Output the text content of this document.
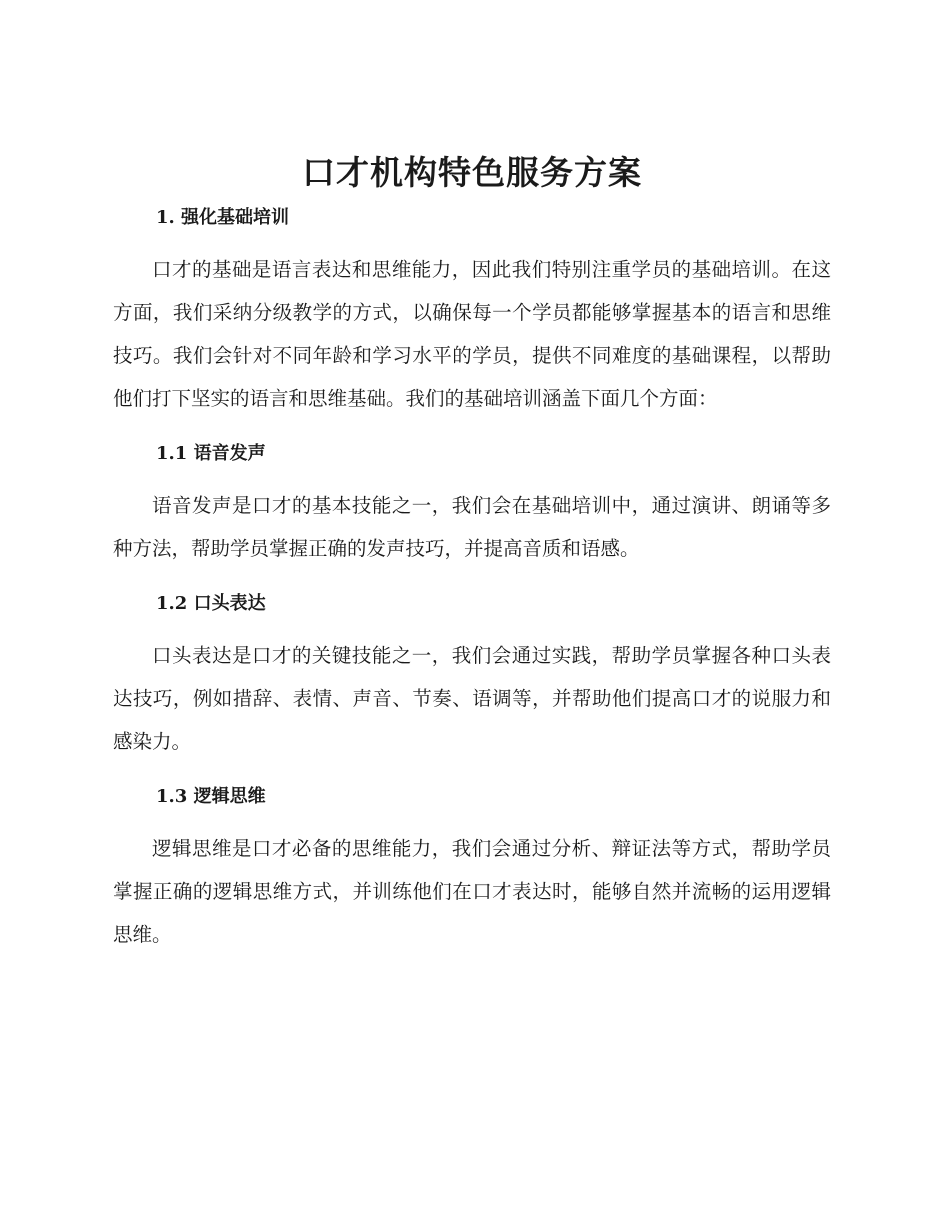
口才机构特色服务方案
1. 强化基础培训

口才的基础是语言表达和思维能力，因此我们特别注重学员的基础培训。在这方面，我们采纳分级教学的方式，以确保每一个学员都能够掌握基本的语言和思维技巧。我们会针对不同年龄和学习水平的学员，提供不同难度的基础课程，以帮助他们打下坚实的语言和思维基础。我们的基础培训涵盖下面几个方面：

1.1 语音发声

语音发声是口才的基本技能之一，我们会在基础培训中，通过演讲、朗诵等多种方法，帮助学员掌握正确的发声技巧，并提高音质和语感。

1.2 口头表达

口头表达是口才的关键技能之一，我们会通过实践，帮助学员掌握各种口头表达技巧，例如措辞、表情、声音、节奏、语调等，并帮助他们提高口才的说服力和感染力。

1.3 逻辑思维

逻辑思维是口才必备的思维能力，我们会通过分析、辩证法等方式，帮助学员掌握正确的逻辑思维方式，并训练他们在口才表达时，能够自然并流畅的运用逻辑思维。
